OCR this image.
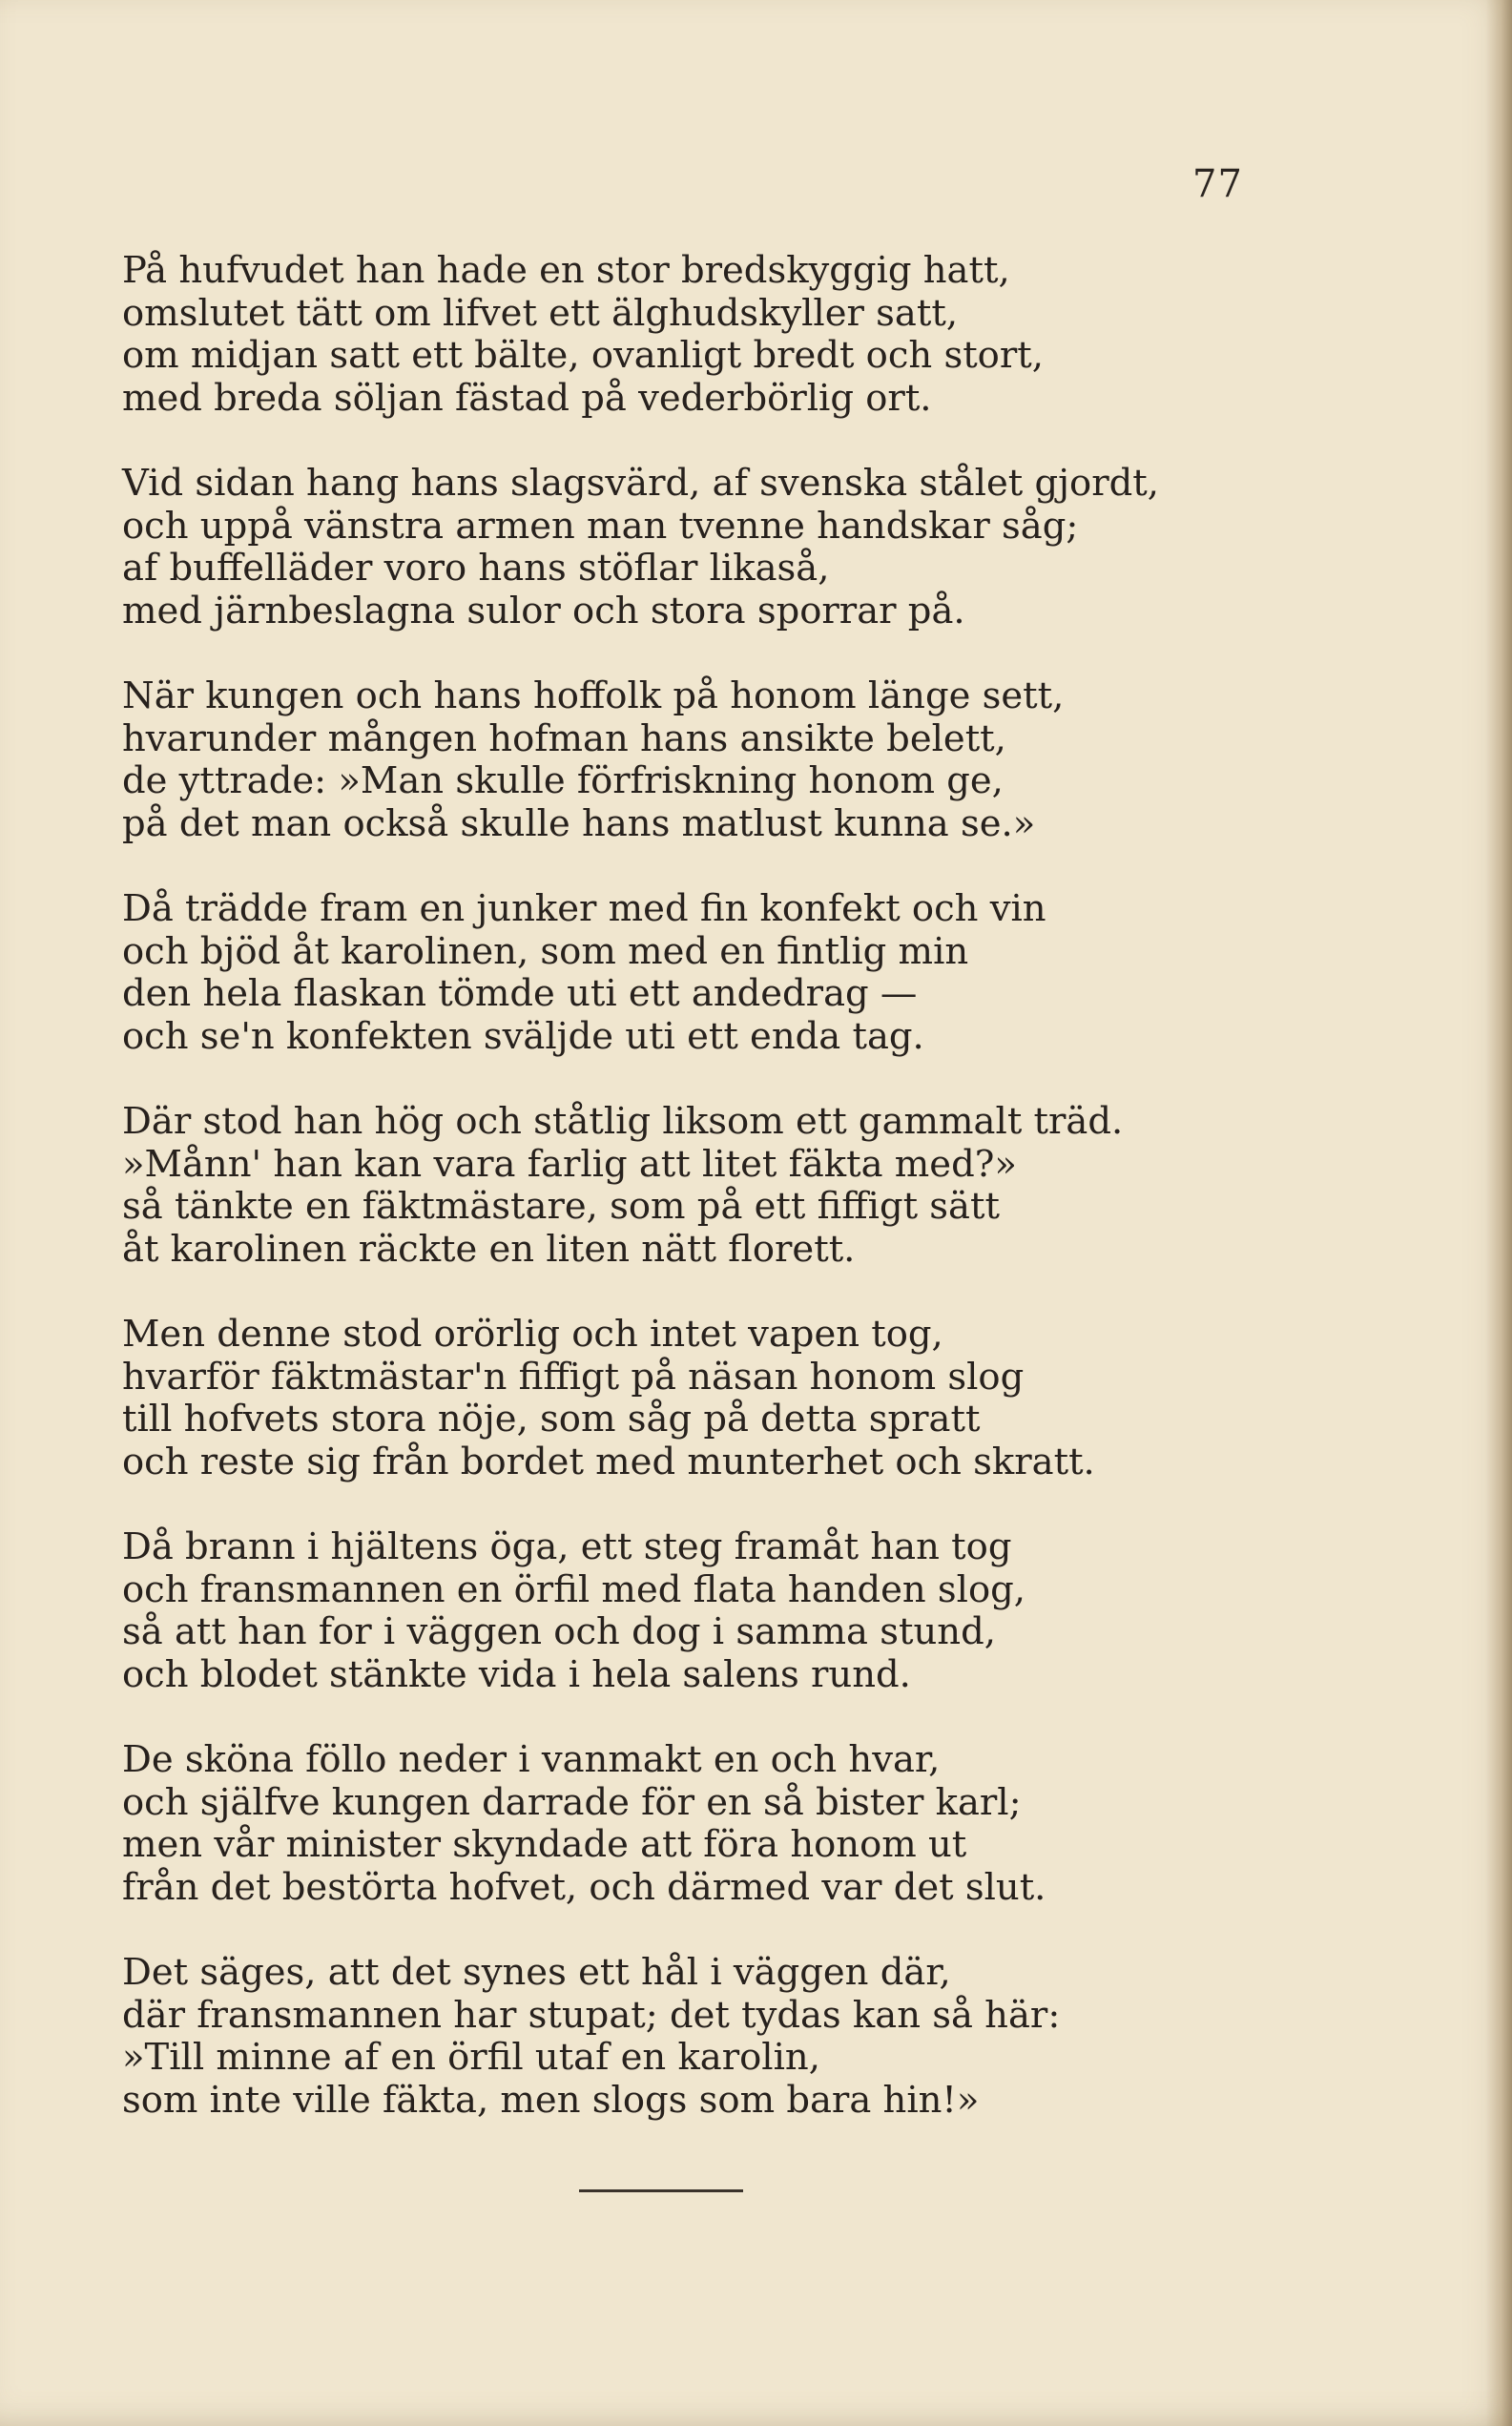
77
På hufvudet han hade en stor bredskyggig hatt,
omslutet tätt om lifvet ett älghudskyller satt,
om midjan satt ett bälte, ovanligt bredt och stort,
med breda söljan fästad på vederbörlig ort.
Vid sidan hang hans slagsvärd, af svenska stålet gjordt,
och uppå vänstra armen man tvenne handskar såg;
af buffelläder voro hans stöflar likaså,
med järnbeslagna sulor och stora sporrar på.
När kungen och hans hoffolk på honom länge sett,
hvarunder mången hofman hans ansikte belett,
de yttrade: »Man skulle förfriskning honom ge,
på det man också skulle hans matlust kunna se.»
Då trädde fram en junker med fin konfekt och vin
och bjöd åt karolinen, som med en fintlig min
den hela flaskan tömde uti ett andedrag —
och se'n konfekten sväljde uti ett enda tag.
Där stod han hög och ståtlig liksom ett gammalt träd.
»Månn' han kan vara farlig att litet fäkta med?»
så tänkte en fäktmästare, som på ett fiffigt sätt
åt karolinen räckte en liten nätt florett.
Men denne stod orörlig och intet vapen tog,
hvarför fäktmästar'n fiffigt på näsan honom slog
till hofvets stora nöje, som såg på detta spratt
och reste sig från bordet med munterhet och skratt.
Då brann i hjältens öga, ett steg framåt han tog
och fransmannen en örfil med flata handen slog,
så att han for i väggen och dog i samma stund,
och blodet stänkte vida i hela salens rund.
De sköna föllo neder i vanmakt en och hvar,
och själfve kungen darrade för en så bister karl;
men vår minister skyndade att föra honom ut
från det bestörta hofvet, och därmed var det slut.
Det säges, att det synes ett hål i väggen där,
där fransmannen har stupat; det tydas kan så här:
»Till minne af en örfil utaf en karolin,
som inte ville fäkta, men slogs som bara hin!»
